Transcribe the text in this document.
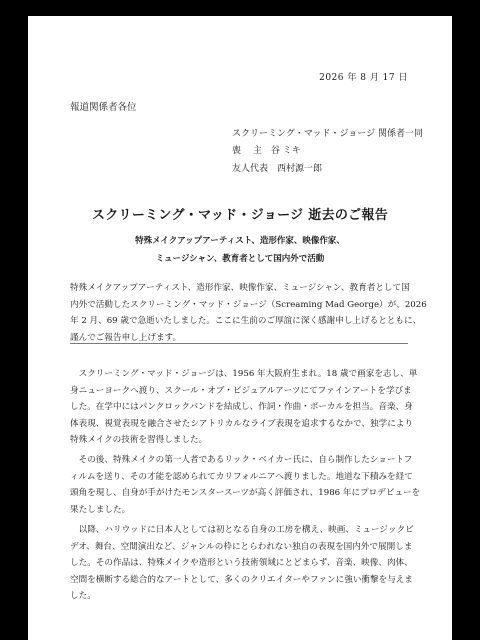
2026 年 8 月 17 日
報道関係者各位
スクリーミング・マッド・ジョージ 関係者一同
喪　 主　谷 ミキ
友人代表　西村源一郎
スクリーミング・マッド・ジョージ 逝去のご報告
特殊メイクアップアーティスト、造形作家、映像作家、
ミュージシャン、教育者として国内外で活動
特殊メイクアップアーティスト、造形作家、映像作家、ミュージシャン、教育者として国
内外で活動したスクリーミング・マッド・ジョージ（Screaming Mad George）が、2026
年 2 月、69 歳で急逝いたしました。ここに生前のご厚誼に深く感謝申し上げるとともに、
謹んでご報告申し上げます。
　スクリーミング・マッド・ジョージは、1956 年大阪府生まれ。18 歳で画家を志し、単
身ニューヨークへ渡り、スクール・オブ・ビジュアルアーツにてファインアートを学びま
した。在学中にはパンクロックバンドを結成し、作詞・作曲・ボーカルを担当。音楽、身
体表現、視覚表現を融合させたシアトリカルなライブ表現を追求するなかで、独学により
特殊メイクの技術を習得しました。
　その後、特殊メイクの第一人者であるリック・ベイカー氏に、自ら制作したショートフ
ィルムを送り、その才能を認められてカリフォルニアへ渡りました。地道な下積みを経て
頭角を現し、自身が手がけたモンスタースーツが高く評価され、1986 年にプロデビューを
果たしました。
　以降、ハリウッドに日本人としては初となる自身の工房を構え、映画、ミュージックビ
デオ、舞台、空間演出など、ジャンルの枠にとらわれない独自の表現を国内外で展開しま
した。その作品は、特殊メイクや造形という技術領域にとどまらず、音楽、映像、肉体、
空間を横断する総合的なアートとして、多くのクリエイターやファンに強い衝撃を与えま
した。
